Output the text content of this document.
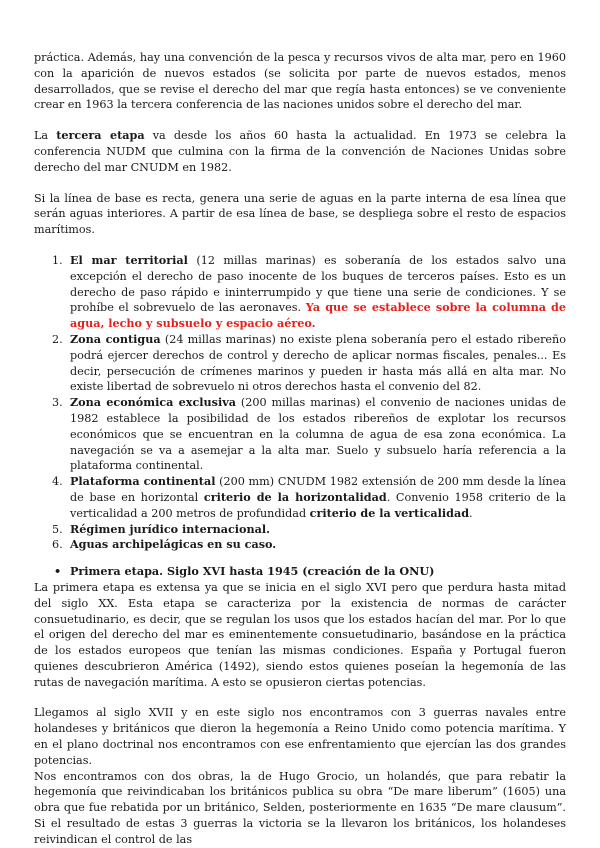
práctica. Además, hay una convención de la pesca y recursos vivos de alta mar, pero en 1960 con la aparición de nuevos estados (se solicita por parte de nuevos estados, menos desarrollados, que se revise el derecho del mar que regía hasta entonces) se ve conveniente crear en 1963 la tercera conferencia de las naciones unidos sobre el derecho del mar.

La tercera etapa va desde los años 60 hasta la actualidad. En 1973 se celebra la conferencia NUDM que culmina con la firma de la convención de Naciones Unidas sobre derecho del mar CNUDM en 1982.

Si la línea de base es recta, genera una serie de aguas en la parte interna de esa línea que serán aguas interiores. A partir de esa línea de base, se despliega sobre el resto de espacios marítimos.

1. El mar territorial (12 millas marinas) es soberanía de los estados salvo una excepción el derecho de paso inocente de los buques de terceros países. Esto es un derecho de paso rápido e ininterrumpido y que tiene una serie de condiciones. Y se prohíbe el sobrevuelo de las aeronaves. Ya que se establece sobre la columna de agua, lecho y subsuelo y espacio aéreo.
2. Zona contigua (24 millas marinas) no existe plena soberanía pero el estado ribereño podrá ejercer derechos de control y derecho de aplicar normas fiscales, penales... Es decir, persecución de crímenes marinos y pueden ir hasta más allá en alta mar. No existe libertad de sobrevuelo ni otros derechos hasta el convenio del 82.
3. Zona económica exclusiva (200 millas marinas) el convenio de naciones unidas de 1982 establece la posibilidad de los estados ribereños de explotar los recursos económicos que se encuentran en la columna de agua de esa zona económica. La navegación se va a asemejar a la alta mar. Suelo y subsuelo haría referencia a la plataforma continental.
4. Plataforma continental (200 mm) CNUDM 1982 extensión de 200 mm desde la línea de base en horizontal criterio de la horizontalidad. Convenio 1958 criterio de la verticalidad a 200 metros de profundidad criterio de la verticalidad.
5. Régimen jurídico internacional.
6. Aguas archipelágicas en su caso.
• Primera etapa. Siglo XVI hasta 1945 (creación de la ONU)

La primera etapa es extensa ya que se inicia en el siglo XVI pero que perdura hasta mitad del siglo XX. Esta etapa se caracteriza por la existencia de normas de carácter consuetudinario, es decir, que se regulan los usos que los estados hacían del mar. Por lo que el origen del derecho del mar es eminentemente consuetudinario, basándose en la práctica de los estados europeos que tenían las mismas condiciones. España y Portugal fueron quienes descubrieron América (1492), siendo estos quienes poseían la hegemonía de las rutas de navegación marítima. A esto se opusieron ciertas potencias.

Llegamos al siglo XVII y en este siglo nos encontramos con 3 guerras navales entre holandeses y británicos que dieron la hegemonía a Reino Unido como potencia marítima. Y en el plano doctrinal nos encontramos con ese enfrentamiento que ejercían las dos grandes potencias.

Nos encontramos con dos obras, la de Hugo Grocio, un holandés, que para rebatir la hegemonía que reivindicaban los británicos publica su obra “De mare liberum” (1605) una obra que fue rebatida por un británico, Selden, posteriormente en 1635 “De mare clausum”. Si el resultado de estas 3 guerras la victoria se la llevaron los británicos, los holandeses reivindican el control de las
